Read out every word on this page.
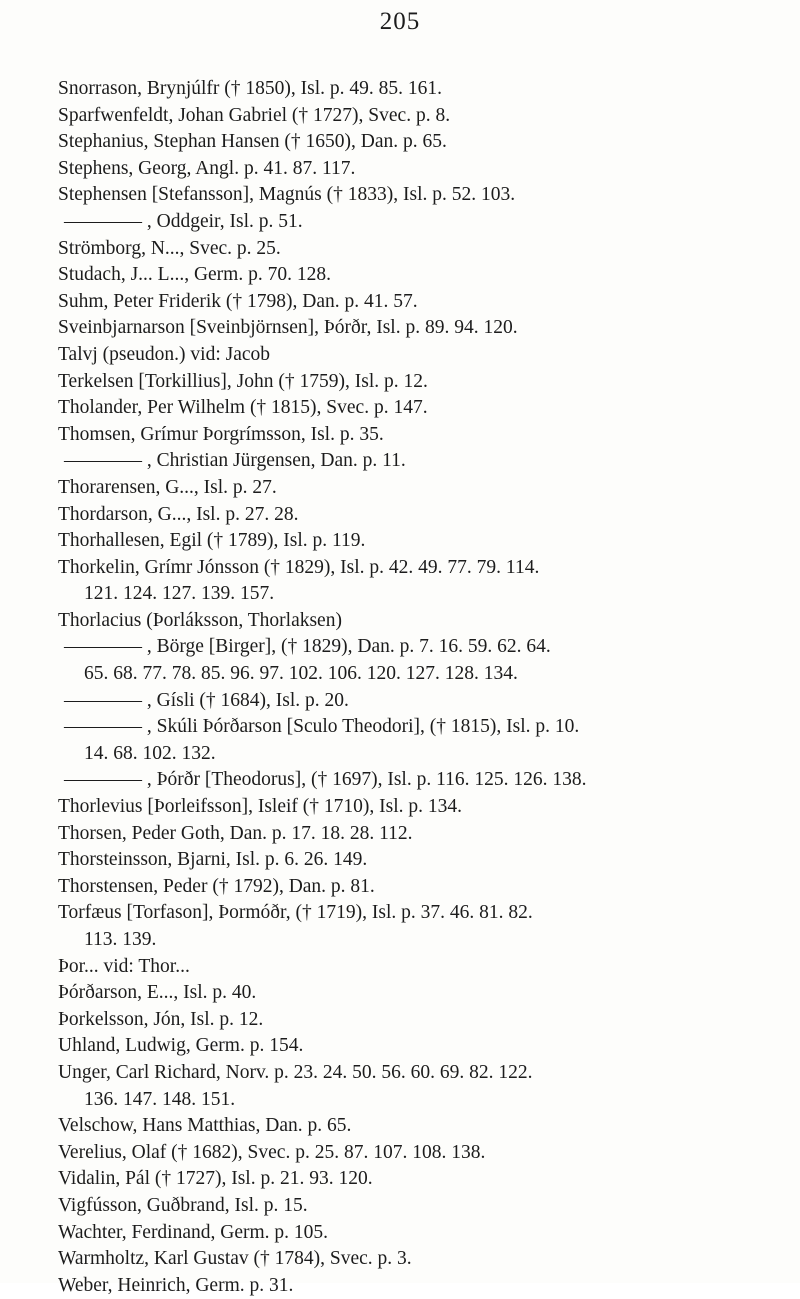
205
Snorrason, Brynjúlfr († 1850), Isl. p. 49. 85. 161.
Sparfwenfeldt, Johan Gabriel († 1727), Svec. p. 8.
Stephanius, Stephan Hansen († 1650), Dan. p. 65.
Stephens, Georg, Angl. p. 41. 87. 117.
Stephensen [Stefansson], Magnús († 1833), Isl. p. 52. 103.
———— , Oddgeir, Isl. p. 51.
Strömborg, N..., Svec. p. 25.
Studach, J... L..., Germ. p. 70. 128.
Suhm, Peter Friderik († 1798), Dan. p. 41. 57.
Sveinbjarnarson [Sveinbjörnsen], Þórðr, Isl. p. 89. 94. 120.
Talvj (pseudon.) vid: Jacob
Terkelsen [Torkillius], John († 1759), Isl. p. 12.
Tholander, Per Wilhelm († 1815), Svec. p. 147.
Thomsen, Grímur Þorgrímsson, Isl. p. 35.
———— , Christian Jürgensen, Dan. p. 11.
Thorarensen, G..., Isl. p. 27.
Thordarson, G..., Isl. p. 27. 28.
Thorhallesen, Egil († 1789), Isl. p. 119.
Thorkelin, Grímr Jónsson († 1829), Isl. p. 42. 49. 77. 79. 114.
121. 124. 127. 139. 157.
Thorlacius (Þorláksson, Thorlaksen)
———— , Börge [Birger], († 1829), Dan. p. 7. 16. 59. 62. 64.
65. 68. 77. 78. 85. 96. 97. 102. 106. 120. 127. 128. 134.
———— , Gísli († 1684), Isl. p. 20.
———— , Skúli Þórðarson [Sculo Theodori], († 1815), Isl. p. 10.
14. 68. 102. 132.
———— , Þórðr [Theodorus], († 1697), Isl. p. 116. 125. 126. 138.
Thorlevius [Þorleifsson], Isleif († 1710), Isl. p. 134.
Thorsen, Peder Goth, Dan. p. 17. 18. 28. 112.
Thorsteinsson, Bjarni, Isl. p. 6. 26. 149.
Thorstensen, Peder († 1792), Dan. p. 81.
Torfæus [Torfason], Þormóðr, († 1719), Isl. p. 37. 46. 81. 82.
113. 139.
Þor... vid: Thor...
Þórðarson, E..., Isl. p. 40.
Þorkelsson, Jón, Isl. p. 12.
Uhland, Ludwig, Germ. p. 154.
Unger, Carl Richard, Norv. p. 23. 24. 50. 56. 60. 69. 82. 122.
136. 147. 148. 151.
Velschow, Hans Matthias, Dan. p. 65.
Verelius, Olaf († 1682), Svec. p. 25. 87. 107. 108. 138.
Vidalin, Pál († 1727), Isl. p. 21. 93. 120.
Vigfússon, Guðbrand, Isl. p. 15.
Wachter, Ferdinand, Germ. p. 105.
Warmholtz, Karl Gustav († 1784), Svec. p. 3.
Weber, Heinrich, Germ. p. 31.
